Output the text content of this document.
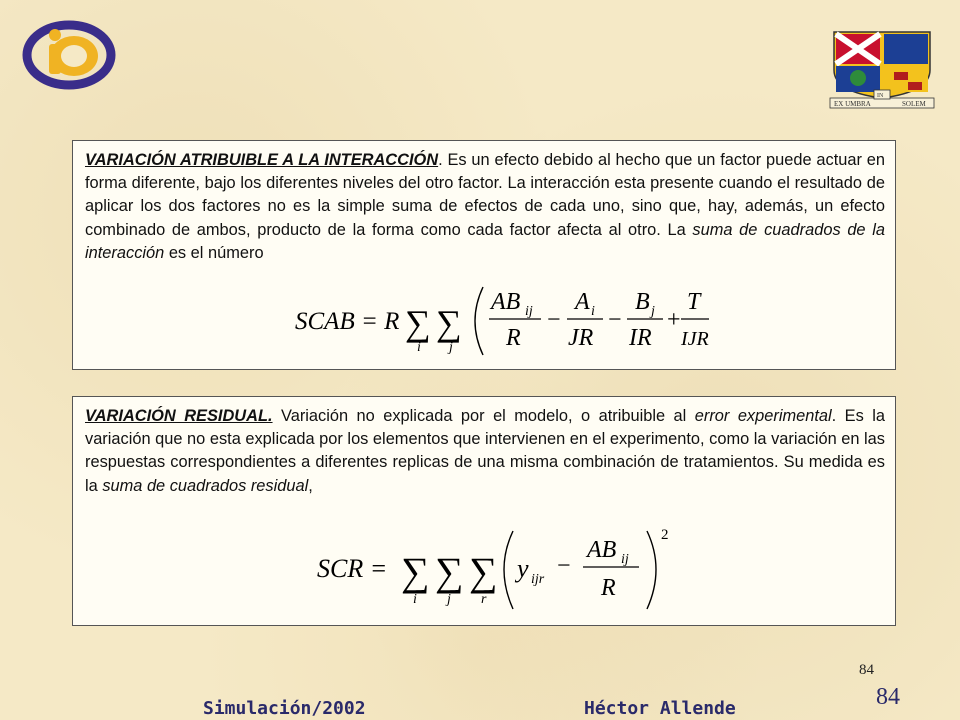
EX UMBRA
IN
SOLEM

VARIACIÓN ATRIBUIBLE A LA INTERACCIÓN. Es un efecto debido al hecho que un factor puede actuar en forma diferente, bajo los diferentes niveles del otro factor. La interacción esta presente cuando el resultado de aplicar los dos factores no es la simple suma de efectos de cada uno, sino que, hay, además, un efecto combinado de ambos, producto de la forma como cada factor afecta al otro. La suma de cuadrados de la interacción es el número

SCAB = R ∑
i
∑
j
AB ij
R
−
A i
JR
−
B j
IR
+
T
IJR

VARIACIÓN RESIDUAL. Variación no explicada por el modelo, o atribuible al error experimental. Es la variación que no esta explicada por los elementos que intervienen en el experimento, como la variación en las respuestas correspondientes a diferentes replicas de una misma combinación de tratamientos. Su medida es la suma de cuadrados residual,

SCR = ∑
i
∑
j
∑
r
y ijr
−
AB ij
R
2
84
84
Simulación/2002	Héctor Allende
